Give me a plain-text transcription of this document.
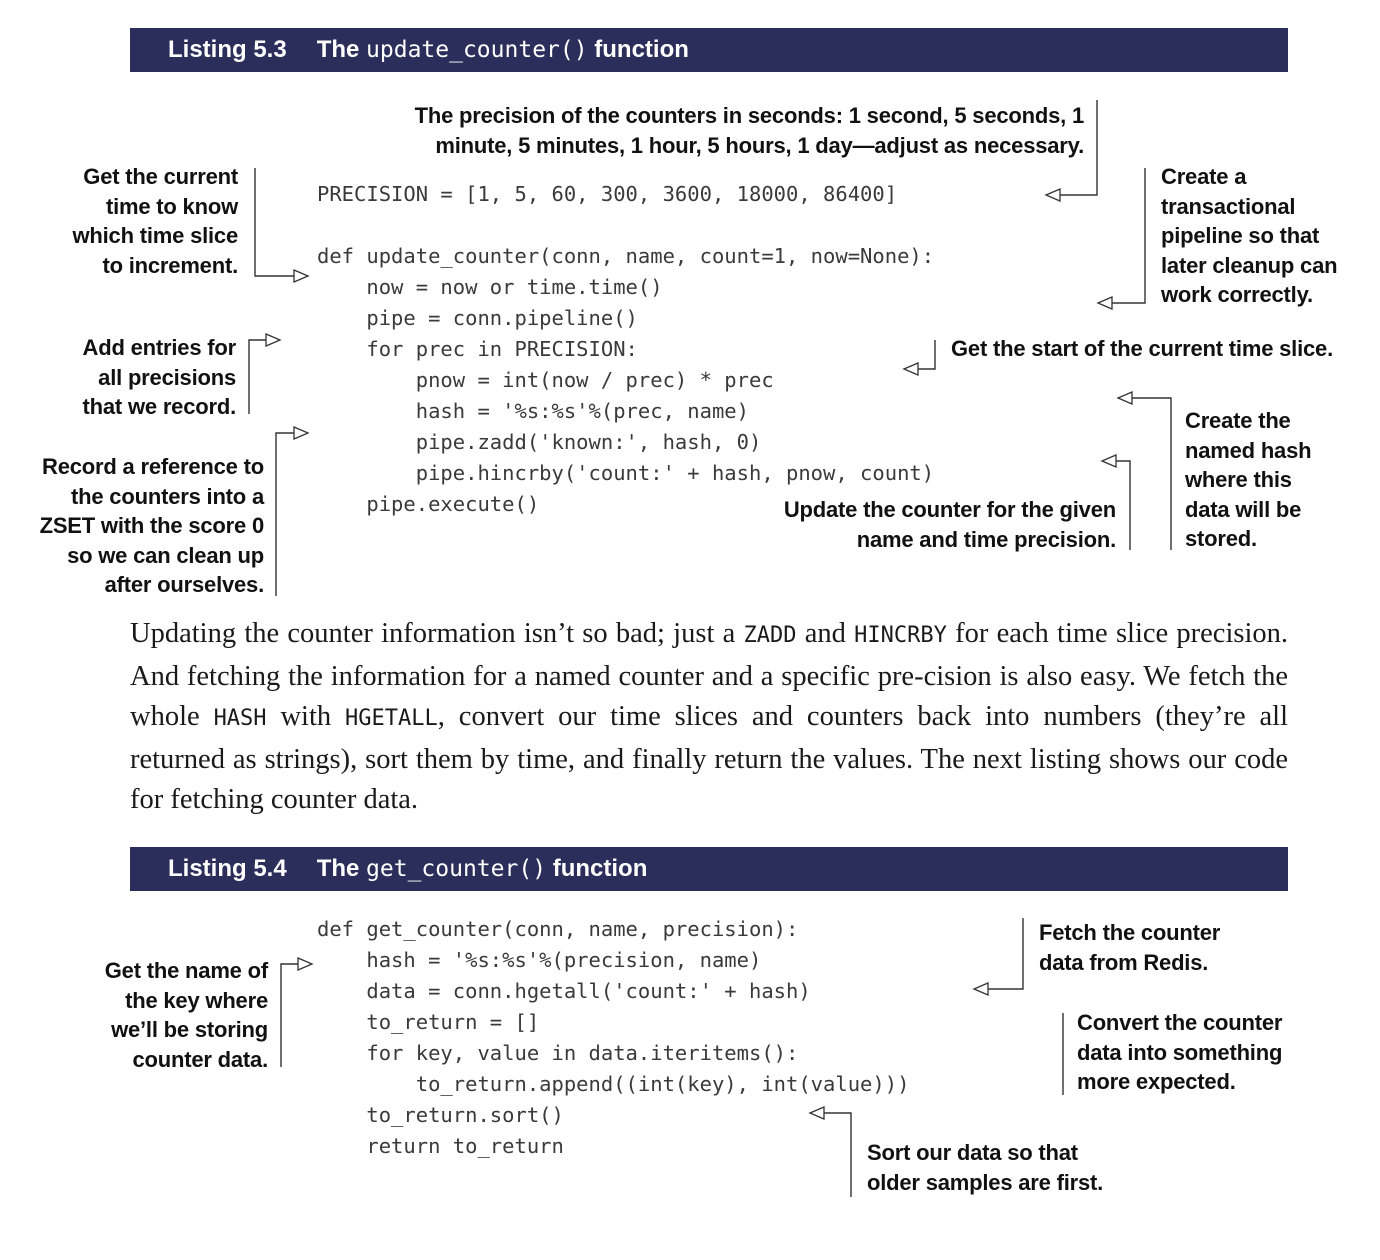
Listing 5.3 The
update_counter()
function
PRECISION = [1, 5, 60, 300, 3600, 18000, 86400]

def update_counter(conn, name, count=1, now=None):
now = now or time.time()
pipe = conn.pipeline()
for prec in PRECISION:
pnow = int(now / prec) * prec
hash = '%s:%s'%(prec, name)
pipe.zadd('known:', hash, 0)
pipe.hincrby('count:' + hash, pnow, count)
pipe.execute()
The precision of the counters in seconds: 1 second, 5 seconds, 1
minute, 5 minutes, 1 hour, 5 hours, 1 day—adjust as necessary.
Get the current
time to know
which time slice
to increment.
Create a
transactional
pipeline so that
later cleanup can
work correctly.
Add entries for
all precisions
that we record.
Get the start of the current time slice.
Create the
named hash
where this
data will be
stored.
Record a reference to
the counters into a
ZSET with the score 0
so we can clean up
after ourselves.
Update the counter for the given
name and time precision.

Updating the counter information isn’t so bad; just a ZADD and HINCRBY for each time slice precision. And fetching the information for a named counter and a specific pre-cision is also easy. We fetch the whole HASH with HGETALL, convert our time slices and counters back into numbers (they’re all returned as strings), sort them by time, and finally return the values. The next listing shows our code for fetching counter data.

Listing 5.4 The
get_counter()
function
def get_counter(conn, name, precision):
hash = '%s:%s'%(precision, name)
data = conn.hgetall('count:' + hash)
to_return = []
for key, value in data.iteritems():
to_return.append((int(key), int(value)))
to_return.sort()
return to_return
Get the name of
the key where
we’ll be storing
counter data.
Fetch the counter
data from Redis.
Convert the counter
data into something
more expected.
Sort our data so that
older samples are first.
